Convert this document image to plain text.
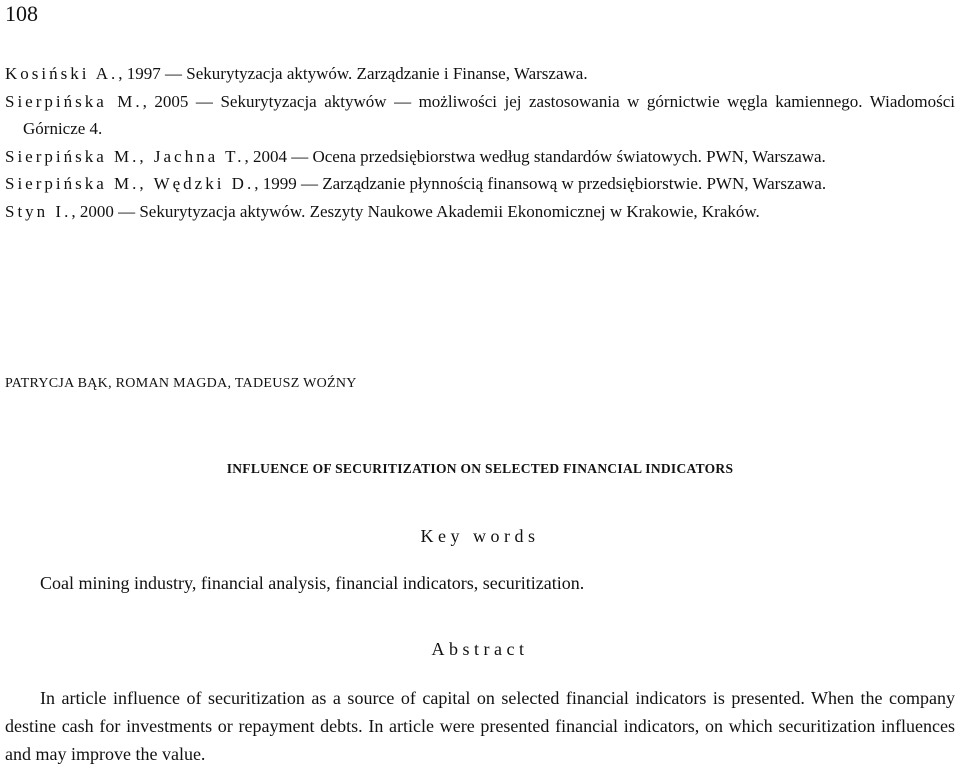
108

Kosiński A., 1997 — Sekurytyzacja aktywów. Zarządzanie i Finanse, Warszawa.

Sierpińska M., 2005 — Sekurytyzacja aktywów — możliwości jej zastosowania w górnictwie węgla kamiennego. Wiadomości Górnicze 4.

Sierpińska M., Jachna T., 2004 — Ocena przedsiębiorstwa według standardów światowych. PWN, Warszawa.

Sierpińska M., Wędzki D., 1999 — Zarządzanie płynnością finansową w przedsiębiorstwie. PWN, Warszawa.

Styn I., 2000 — Sekurytyzacja aktywów. Zeszyty Naukowe Akademii Ekonomicznej w Krakowie, Kraków.

PATRYCJA BĄK, ROMAN MAGDA, TADEUSZ WOŹNY
INFLUENCE OF SECURITIZATION ON SELECTED FINANCIAL INDICATORS
Key words
Coal mining industry, financial analysis, financial indicators, securitization.
Abstract

In article influence of securitization as a source of capital on selected financial indicators is presented. When the company destine cash for investments or repayment debts. In article were presented financial indicators, on which securitization influences and may improve the value.
